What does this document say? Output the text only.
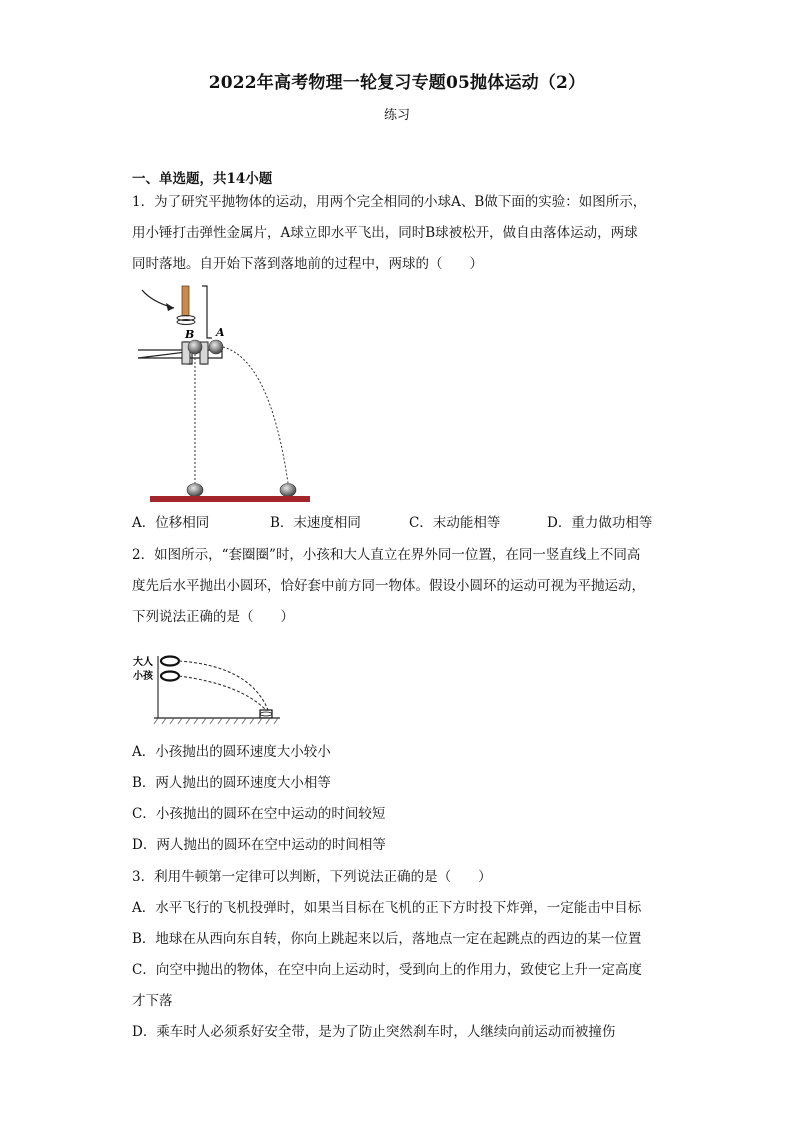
2022年高考物理一轮复习专题05抛体运动（2）
练习
一、单选题，共14小题
1．为了研究平抛物体的运动，用两个完全相同的小球A、B做下面的实验：如图所示，
用小锤打击弹性金属片，A球立即水平飞出，同时B球被松开，做自由落体运动，两球
同时落地。自开始下落到落地前的过程中，两球的（　　）
B A
A．位移相同	B．末速度相同	C．末动能相等	D．重力做功相等
2．如图所示，“套圈圈”时，小孩和大人直立在界外同一位置，在同一竖直线上不同高
度先后水平抛出小圆环，恰好套中前方同一物体。假设小圆环的运动可视为平抛运动，
下列说法正确的是（　　）
大人
小孩
A．小孩抛出的圆环速度大小较小
B．两人抛出的圆环速度大小相等
C．小孩抛出的圆环在空中运动的时间较短
D．两人抛出的圆环在空中运动的时间相等
3．利用牛顿第一定律可以判断，下列说法正确的是（　　）
A．水平飞行的飞机投弹时，如果当目标在飞机的正下方时投下炸弹，一定能击中目标
B．地球在从西向东自转，你向上跳起来以后，落地点一定在起跳点的西边的某一位置
C．向空中抛出的物体，在空中向上运动时，受到向上的作用力，致使它上升一定高度
才下落
D．乘车时人必须系好安全带，是为了防止突然刹车时，人继续向前运动而被撞伤
